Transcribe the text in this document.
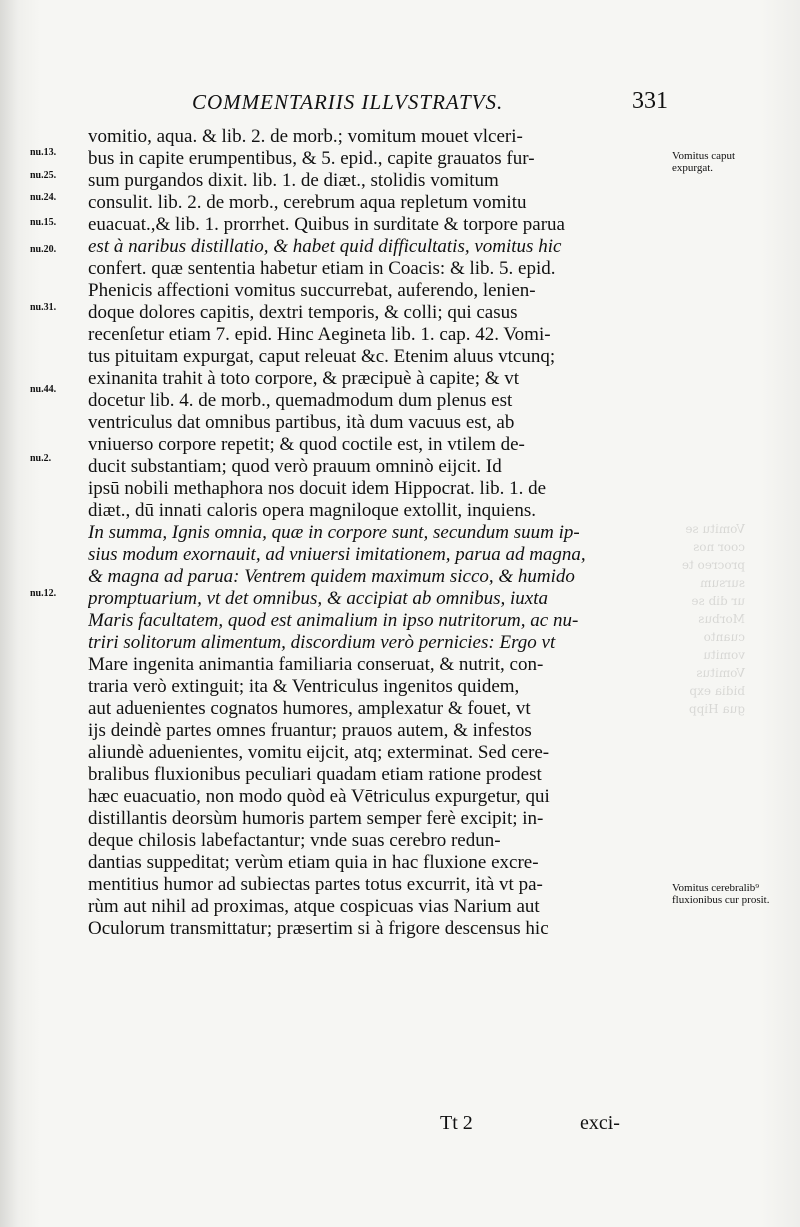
Vomitu se
coor nos
procreo te
sursum
ur dib se
Morbus
cuanto
vomitu
Vomitus
bidia exp
gua Hipp
COMMENTARIIS ILLVSTRATVS.	331
nu.13.
nu.25.
nu.24.
nu.15.
nu.20.
nu.31.
nu.44.
nu.2.
nu.12.
Vomitus caput expurgat.
Vomitus cerebralib⁹ fluxionibus cur prosit.
vomitio, aqua. & lib. 2. de morb.; vomitum mouet vlceri-
bus in capite erumpentibus, & 5. epid., capite grauatos fur-
sum purgandos dixit. lib. 1. de diæt., stolidis vomitum
consulit. lib. 2. de morb., cerebrum aqua repletum vomitu
euacuat.,& lib. 1. prorrhet. Quibus in surditate & torpore parua
est à naribus distillatio, & habet quid difficultatis, vomitus hic
confert. quæ sententia habetur etiam in Coacis: & lib. 5. epid.
Phenicis affectioni vomitus succurrebat, auferendo, lenien-
doque dolores capitis, dextri temporis, & colli; qui casus
recenſetur etiam 7. epid. Hinc Aegineta lib. 1. cap. 42. Vomi-
tus pituitam expurgat, caput releuat &c. Etenim aluus vtcunq;
exinanita trahit à toto corpore, & præcipuè à capite; & vt
docetur lib. 4. de morb., quemadmodum dum plenus est
ventriculus dat omnibus partibus, ità dum vacuus est, ab
vniuerso corpore repetit; & quod coctile est, in vtilem de-
ducit substantiam; quod verò prauum omninò eijcit. Id
ipsū nobili methaphora nos docuit idem Hippocrat. lib. 1. de
diæt., dū innati caloris opera magniloque extollit, inquiens.
In summa, Ignis omnia, quæ in corpore sunt, secundum suum ip-
sius modum exornauit, ad vniuersi imitationem, parua ad magna,
& magna ad parua: Ventrem quidem maximum sicco, & humido
promptuarium, vt det omnibus, & accipiat ab omnibus, iuxta
Maris facultatem, quod est animalium in ipso nutritorum, ac nu-
triri solitorum alimentum, discordium verò pernicies: Ergo vt
Mare ingenita animantia familiaria conseruat, & nutrit, con-
traria verò extinguit; ita & Ventriculus ingenitos quidem,
aut aduenientes cognatos humores, amplexatur & fouet, vt
ijs deindè partes omnes fruantur; prauos autem, & infestos
aliundè aduenientes, vomitu eijcit, atq; exterminat. Sed cere-
bralibus fluxionibus peculiari quadam etiam ratione prodest
hæc euacuatio, non modo quòd eà Vētriculus expurgetur, qui
distillantis deorsùm humoris partem semper ferè excipit; in-
deque chilosis labefactantur; vnde suas cerebro redun-
dantias suppeditat; verùm etiam quia in hac fluxione excre-
mentitius humor ad subiectas partes totus excurrit, ità vt pa-
rùm aut nihil ad proximas, atque cospicuas vias Narium aut
Oculorum transmittatur; præsertim si à frigore descensus hic
Tt 2	exci-
